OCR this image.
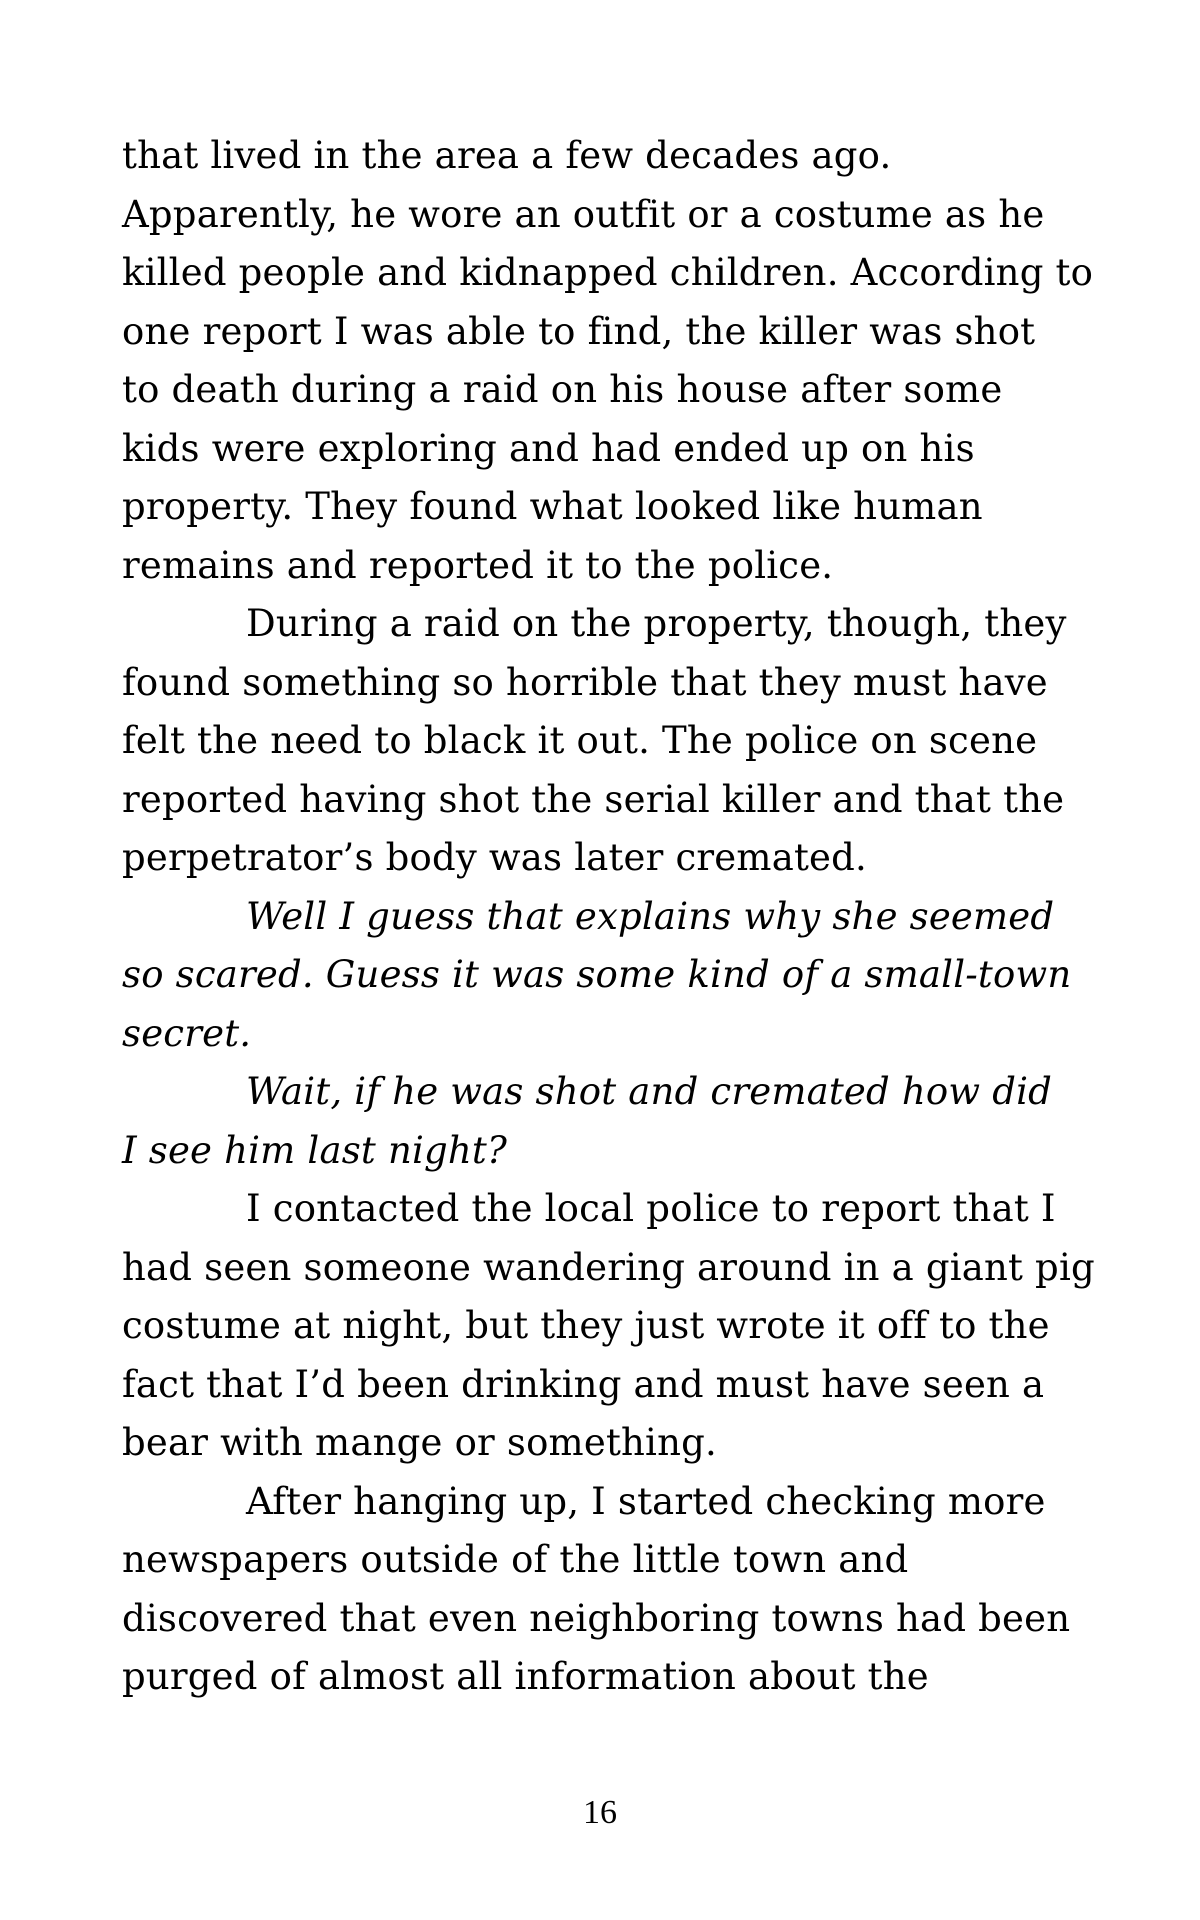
that lived in the area a few decades ago.
Apparently, he wore an outfit or a costume as he
killed people and kidnapped children. According to
one report I was able to find, the killer was shot
to death during a raid on his house after some
kids were exploring and had ended up on his
property. They found what looked like human
remains and reported it to the police.
During a raid on the property, though, they
found something so horrible that they must have
felt the need to black it out. The police on scene
reported having shot the serial killer and that the
perpetrator’s body was later cremated.
Well I guess that explains why she seemed
so scared. Guess it was some kind of a small-town
secret.
Wait, if he was shot and cremated how did
I see him last night?
I contacted the local police to report that I
had seen someone wandering around in a giant pig
costume at night, but they just wrote it off to the
fact that I’d been drinking and must have seen a
bear with mange or something.
After hanging up, I started checking more
newspapers outside of the little town and
discovered that even neighboring towns had been
purged of almost all information about the
16
